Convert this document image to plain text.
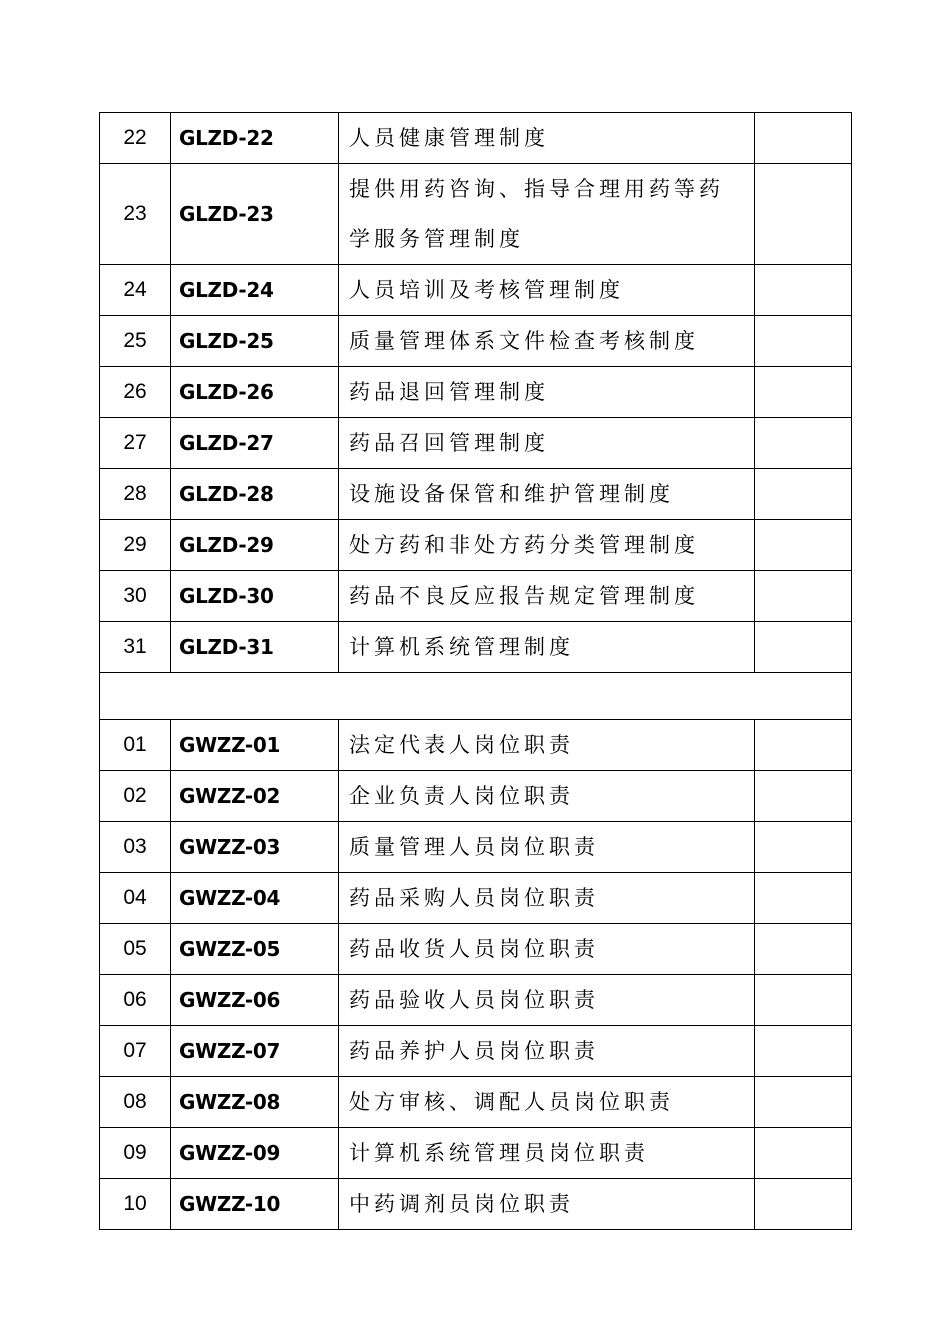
22	GLZD-22	人员健康管理制度	
23	GLZD-23	提供用药咨询、指导合理用药等药学服务管理制度	
24	GLZD-24	人员培训及考核管理制度	
25	GLZD-25	质量管理体系文件检查考核制度	
26	GLZD-26	药品退回管理制度	
27	GLZD-27	药品召回管理制度	
28	GLZD-28	设施设备保管和维护管理制度	
29	GLZD-29	处方药和非处方药分类管理制度	
30	GLZD-30	药品不良反应报告规定管理制度	
31	GLZD-31	计算机系统管理制度	

01	GWZZ-01	法定代表人岗位职责	
02	GWZZ-02	企业负责人岗位职责	
03	GWZZ-03	质量管理人员岗位职责	
04	GWZZ-04	药品采购人员岗位职责	
05	GWZZ-05	药品收货人员岗位职责	
06	GWZZ-06	药品验收人员岗位职责	
07	GWZZ-07	药品养护人员岗位职责	
08	GWZZ-08	处方审核、调配人员岗位职责	
09	GWZZ-09	计算机系统管理员岗位职责	
10	GWZZ-10	中药调剂员岗位职责	
